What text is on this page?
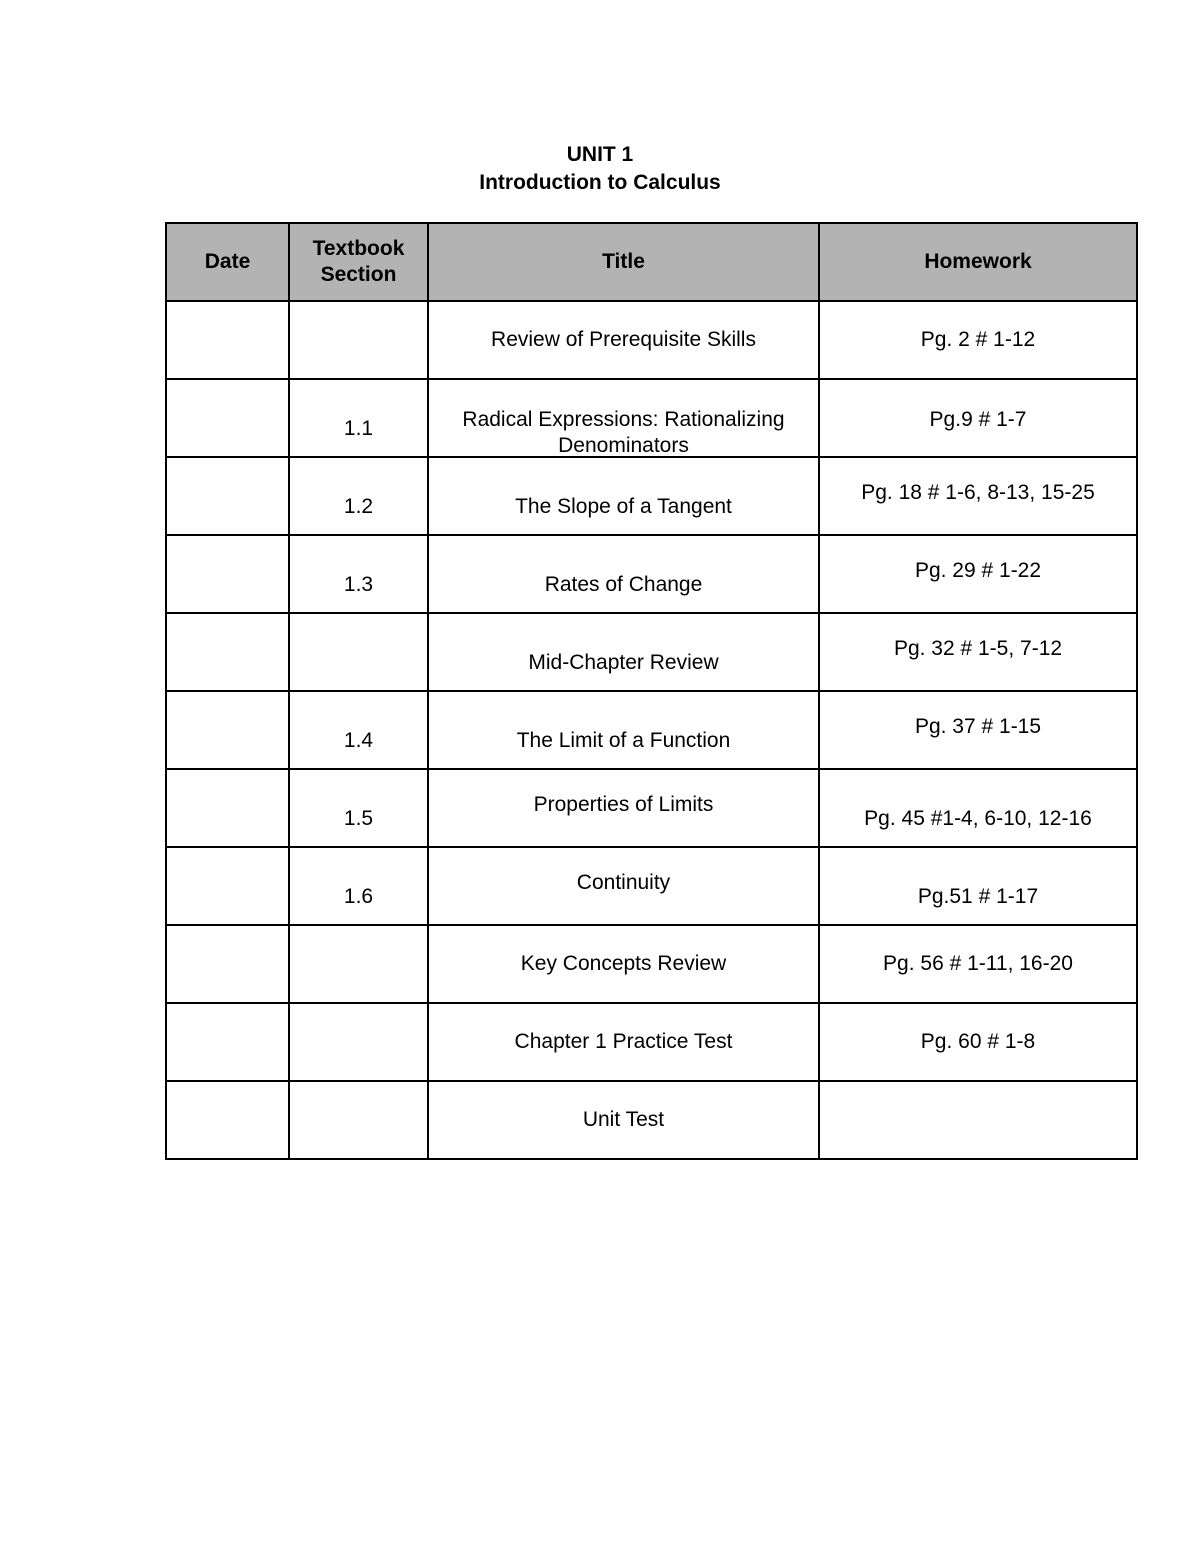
UNIT 1
Introduction to Calculus
Date	Textbook Section	Title	Homework

		Review of Prerequisite Skills	Pg. 2 # 1-12

	1.1	Radical Expressions: Rationalizing Denominators	Pg.9 # 1-7

	1.2	The Slope of a Tangent	Pg. 18 # 1-6, 8-13, 15-25

	1.3	Rates of Change	Pg. 29 # 1-22

		Mid-Chapter Review	Pg. 32 # 1-5, 7-12

	1.4	The Limit of a Function	Pg. 37 # 1-15

	1.5	Properties of Limits	Pg. 45 #1-4, 6-10, 12-16

	1.6	Continuity	Pg.51 # 1-17

		Key Concepts Review	Pg. 56 # 1-11, 16-20

		Chapter 1 Practice Test	Pg. 60 # 1-8

		Unit Test	
